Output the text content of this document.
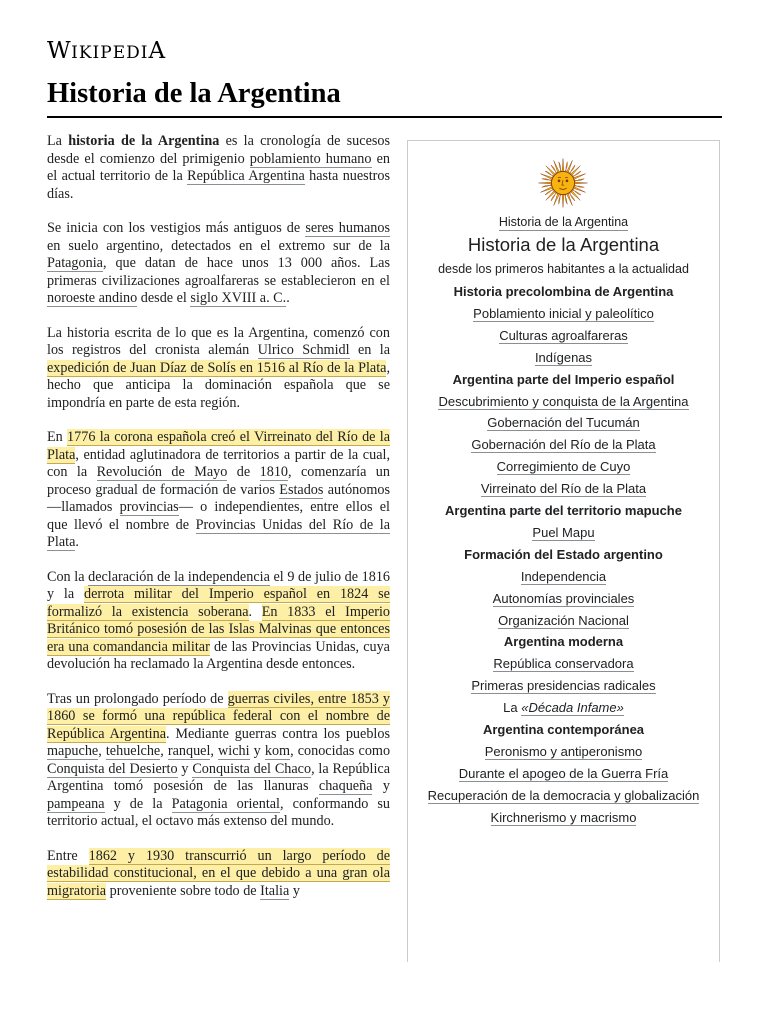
WIKIPEDIA
Historia de la Argentina

La historia de la Argentina es la cronología de sucesos desde el comienzo del primigenio poblamiento humano en el actual territorio de la República Argentina hasta nuestros días.

Se inicia con los vestigios más antiguos de seres humanos en suelo argentino, detectados en el extremo sur de la Patagonia, que datan de hace unos 13 000 años. Las primeras civilizaciones agroalfareras se establecieron en el noroeste andino desde el siglo XVIII a. C..

La historia escrita de lo que es la Argentina, comenzó con los registros del cronista alemán Ulrico Schmidl en la expedición de Juan Díaz de Solís en 1516 al Río de la Plata, hecho que anticipa la dominación española que se impondría en parte de esta región.

En 1776 la corona española creó el Virreinato del Río de la Plata, entidad aglutinadora de territorios a partir de la cual, con la Revolución de Mayo de 1810, comenzaría un proceso gradual de formación de varios Estados autónomos —llamados provincias— o independientes, entre ellos el que llevó el nombre de Provincias Unidas del Río de la Plata.

Con la declaración de la independencia el 9 de julio de 1816 y la derrota militar del Imperio español en 1824 se formalizó la existencia soberana. En 1833 el Imperio Británico tomó posesión de las Islas Malvinas que entonces era una comandancia militar de las Provincias Unidas, cuya devolución ha reclamado la Argentina desde entonces.

Tras un prolongado período de guerras civiles, entre 1853 y 1860 se formó una república federal con el nombre de República Argentina. Mediante guerras contra los pueblos mapuche, tehuelche, ranquel, wichi y kom, conocidas como Conquista del Desierto y Conquista del Chaco, la República Argentina tomó posesión de las llanuras chaqueña y pampeana y de la Patagonia oriental, conformando su territorio actual, el octavo más extenso del mundo.

Entre 1862 y 1930 transcurrió un largo período de estabilidad constitucional, en el que debido a una gran ola migratoria proveniente sobre todo de Italia y

Historia de la Argentina
Historia de la Argentina
desde los primeros habitantes a la actualidad
Historia precolombina de Argentina
Poblamiento inicial y paleolítico
Culturas agroalfareras
Indígenas
Argentina parte del Imperio español
Descubrimiento y conquista de la Argentina
Gobernación del Tucumán
Gobernación del Río de la Plata
Corregimiento de Cuyo
Virreinato del Río de la Plata
Argentina parte del territorio mapuche
Puel Mapu
Formación del Estado argentino
Independencia
Autonomías provinciales
Organización Nacional
Argentina moderna
República conservadora
Primeras presidencias radicales
La «Década Infame»
Argentina contemporánea
Peronismo y antiperonismo
Durante el apogeo de la Guerra Fría
Recuperación de la democracia y globalización
Kirchnerismo y macrismo
